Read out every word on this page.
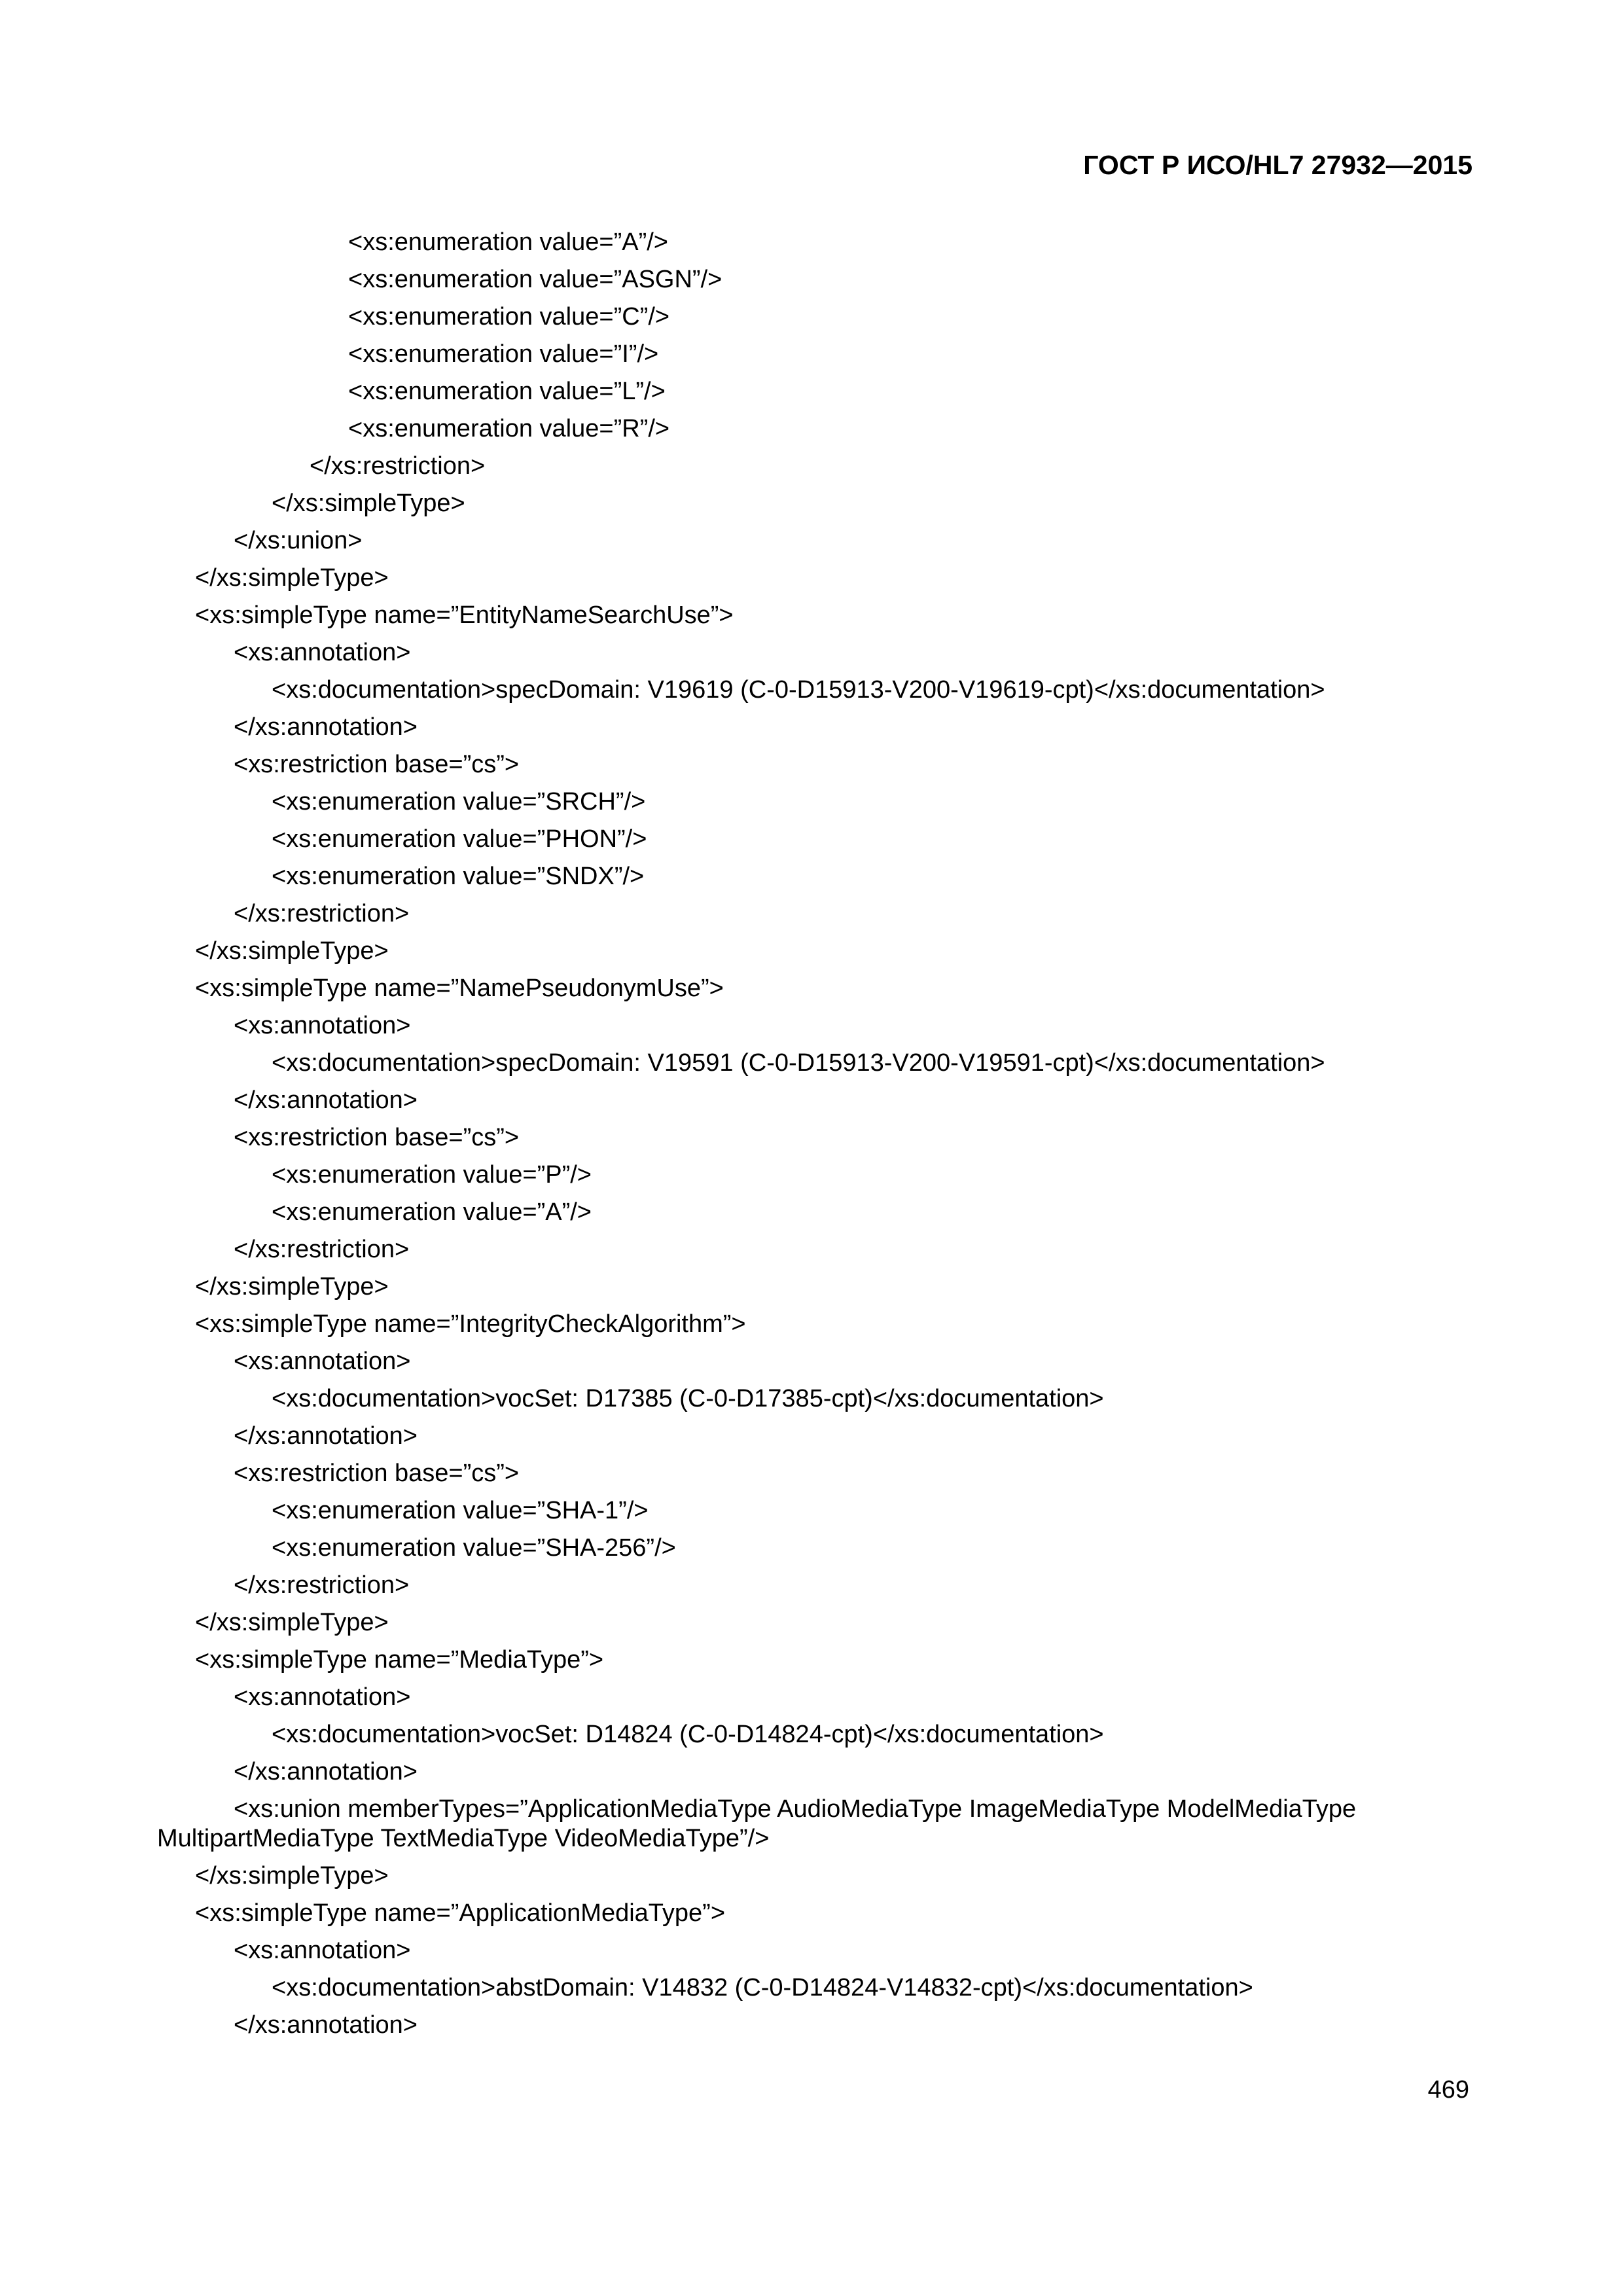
ГОСТ Р ИСО/HL7 27932—2015
<xs:enumeration value=”A”/>
<xs:enumeration value=”ASGN”/>
<xs:enumeration value=”C”/>
<xs:enumeration value=”I”/>
<xs:enumeration value=”L”/>
<xs:enumeration value=”R”/>
</xs:restriction>
</xs:simpleType>
</xs:union>
</xs:simpleType>
<xs:simpleType name=”EntityNameSearchUse”>
<xs:annotation>
<xs:documentation>specDomain: V19619 (C-0-D15913-V200-V19619-cpt)</xs:documentation>
</xs:annotation>
<xs:restriction base=”cs”>
<xs:enumeration value=”SRCH”/>
<xs:enumeration value=”PHON”/>
<xs:enumeration value=”SNDX”/>
</xs:restriction>
</xs:simpleType>
<xs:simpleType name=”NamePseudonymUse”>
<xs:annotation>
<xs:documentation>specDomain: V19591 (C-0-D15913-V200-V19591-cpt)</xs:documentation>
</xs:annotation>
<xs:restriction base=”cs”>
<xs:enumeration value=”P”/>
<xs:enumeration value=”A”/>
</xs:restriction>
</xs:simpleType>
<xs:simpleType name=”IntegrityCheckAlgorithm”>
<xs:annotation>
<xs:documentation>vocSet: D17385 (C-0-D17385-cpt)</xs:documentation>
</xs:annotation>
<xs:restriction base=”cs”>
<xs:enumeration value=”SHA-1”/>
<xs:enumeration value=”SHA-256”/>
</xs:restriction>
</xs:simpleType>
<xs:simpleType name=”MediaType”>
<xs:annotation>
<xs:documentation>vocSet: D14824 (C-0-D14824-cpt)</xs:documentation>
</xs:annotation>
<xs:union memberTypes=”ApplicationMediaType AudioMediaType ImageMediaType ModelMediaType
MultipartMediaType TextMediaType VideoMediaType”/>
</xs:simpleType>
<xs:simpleType name=”ApplicationMediaType”>
<xs:annotation>
<xs:documentation>abstDomain: V14832 (C-0-D14824-V14832-cpt)</xs:documentation>
</xs:annotation>
469
